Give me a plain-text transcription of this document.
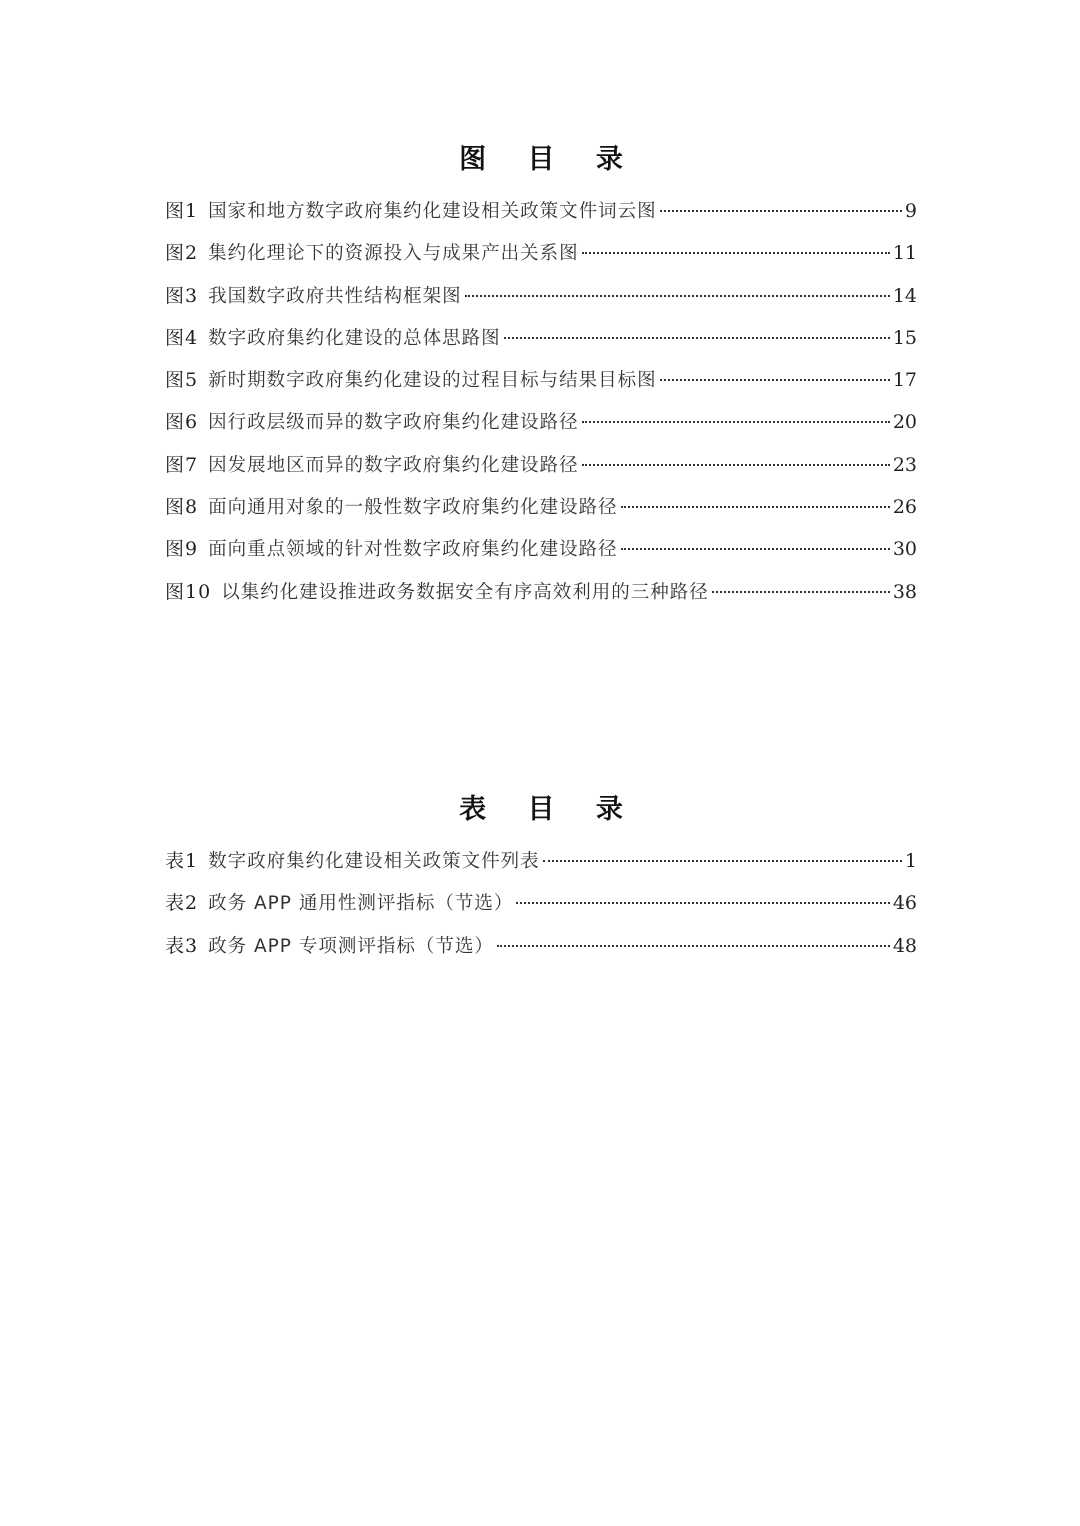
图 目 录
图1 国家和地方数字政府集约化建设相关政策文件词云图	9
图2 集约化理论下的资源投入与成果产出关系图	11
图3 我国数字政府共性结构框架图	14
图4 数字政府集约化建设的总体思路图	15
图5 新时期数字政府集约化建设的过程目标与结果目标图	17
图6 因行政层级而异的数字政府集约化建设路径	20
图7 因发展地区而异的数字政府集约化建设路径	23
图8 面向通用对象的一般性数字政府集约化建设路径	26
图9 面向重点领域的针对性数字政府集约化建设路径	30
图10 以集约化建设推进政务数据安全有序高效利用的三种路径	38
表 目 录
表1 数字政府集约化建设相关政策文件列表	1
表2 政务 APP 通用性测评指标（节选）	46
表3 政务 APP 专项测评指标（节选）	48
